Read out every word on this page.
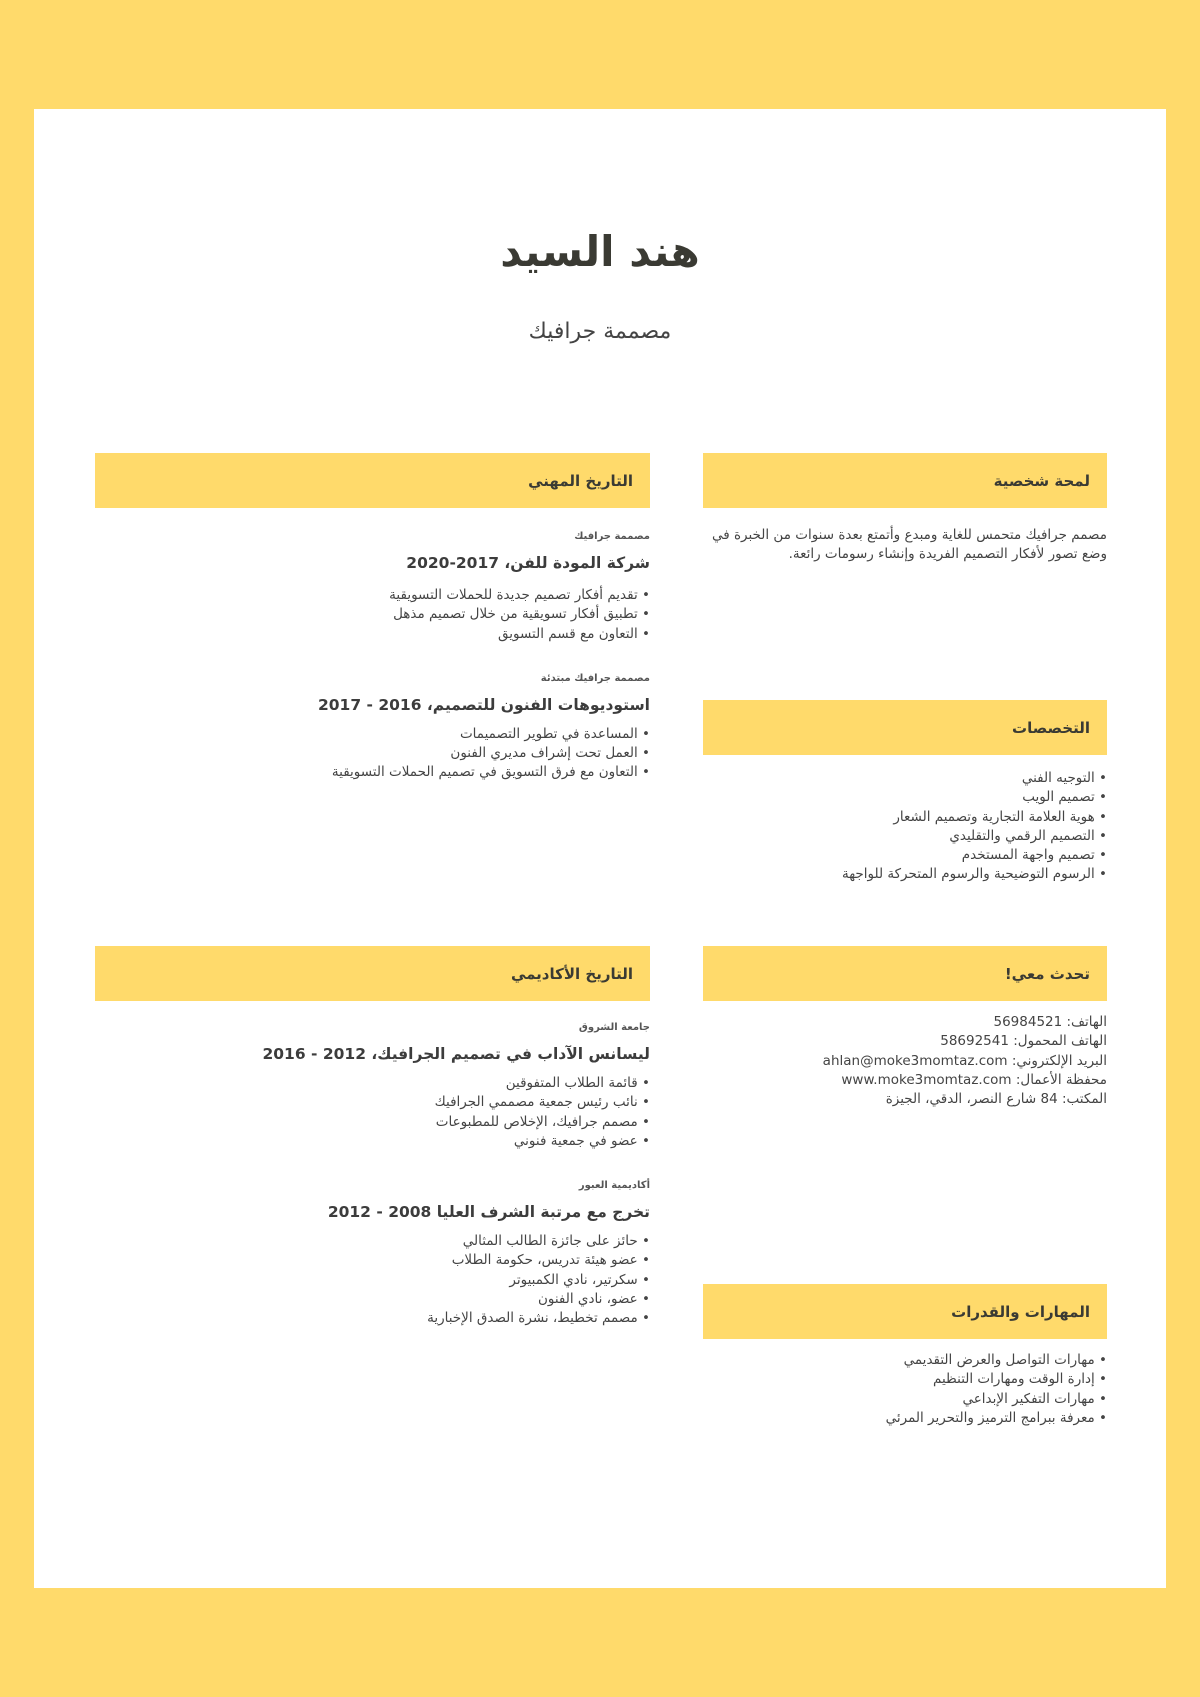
هند السيد
مصممة جرافيك
لمحة شخصية

مصمم جرافيك متحمس للغاية ومبدع وأتمتع بعدة سنوات من الخبرة في وضع تصور لأفكار التصميم الفريدة وإنشاء رسومات رائعة.

التاريخ المهني

مصممة جرافيك

شركة المودة للفن، 2017-2020

• تقديم أفكار تصميم جديدة للحملات التسويقية
• تطبيق أفكار تسويقية من خلال تصميم مذهل
• التعاون مع قسم التسويق

مصممة جرافيك مبتدئة

استوديوهات الفنون للتصميم، 2016 - 2017

• المساعدة في تطوير التصميمات
• العمل تحت إشراف مديري الفنون
• التعاون مع فرق التسويق في تصميم الحملات التسويقية
التخصصات
• التوجيه الفني
• تصميم الويب
• هوية العلامة التجارية وتصميم الشعار
• التصميم الرقمي والتقليدي
• تصميم واجهة المستخدم
• الرسوم التوضيحية والرسوم المتحركة للواجهة
التاريخ الأكاديمي

جامعة الشروق

ليسانس الآداب في تصميم الجرافيك، 2012 - 2016

• قائمة الطلاب المتفوقين
• نائب رئيس جمعية مصممي الجرافيك
• مصمم جرافيك، الإخلاص للمطبوعات
• عضو في جمعية فنوني

أكاديمية العبور

تخرج مع مرتبة الشرف العليا 2008 - 2012

• حائز على جائزة الطالب المثالي
• عضو هيئة تدريس، حكومة الطلاب
• سكرتير، نادي الكمبيوتر
• عضو، نادي الفنون
• مصمم تخطيط، نشرة الصدق الإخبارية
تحدث معي!
الهاتف: 56984521
الهاتف المحمول: 58692541
البريد الإلكتروني: ahlan@moke3momtaz.com
محفظة الأعمال: www.moke3momtaz.com
المكتب: 84 شارع النصر، الدقي، الجيزة
المهارات والقدرات
• مهارات التواصل والعرض التقديمي
• إدارة الوقت ومهارات التنظيم
• مهارات التفكير الإبداعي
• معرفة ببرامج الترميز والتحرير المرئي
